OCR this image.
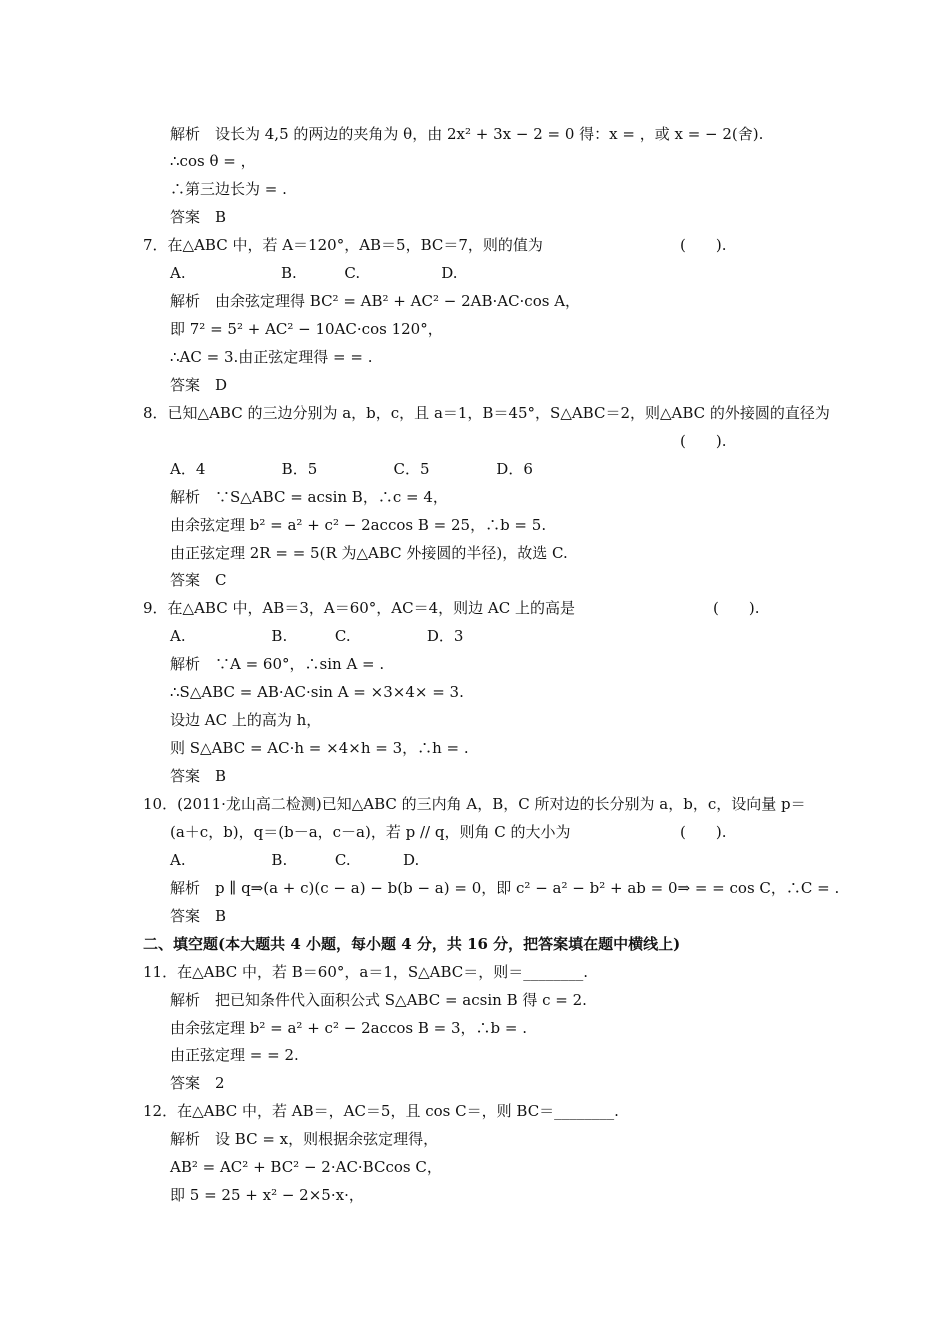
解析　设长为 4,5 的两边的夹角为 θ，由 2x² + 3x − 2 = 0 得：x = ，或 x = − 2(舍).
∴cos θ = ，
∴第三边长为 = .
答案　B
7．在△ABC 中，若 A＝120°，AB＝5，BC＝7，则的值为	(　　).
A.                    B.          C.                 D.
解析　由余弦定理得 BC² = AB² + AC² − 2AB·AC·cos A，
即 7² = 5² + AC² − 10AC·cos 120°，
∴AC = 3.由正弦定理得 = = .
答案　D
8．已知△ABC 的三边分别为 a，b，c，且 a＝1，B＝45°，S△ABC＝2，则△ABC 的外接圆的直径为
(　　).
A．4                B．5                C．5              D．6
解析　∵S△ABC = acsin B，∴c = 4，
由余弦定理 b² = a² + c² − 2accos B = 25，∴b = 5.
由正弦定理 2R = = 5(R 为△ABC 外接圆的半径)，故选 C.
答案　C
9．在△ABC 中，AB＝3，A＝60°，AC＝4，则边 AC 上的高是	(　　).
A.                  B.          C.                D．3
解析　∵A = 60°，∴sin A = .
∴S△ABC = AB·AC·sin A = ×3×4× = 3.
设边 AC 上的高为 h，
则 S△ABC = AC·h = ×4×h = 3，∴h = .
答案　B
10．(2011·龙山高二检测)已知△ABC 的三内角 A，B，C 所对边的长分别为 a，b，c，设向量 p＝
(a＋c，b)，q＝(b－a，c－a)，若 p // q，则角 C 的大小为	(　　).
A.                  B.          C.           D.
解析　p ∥ q⇒(a + c)(c − a) − b(b − a) = 0，即 c² − a² − b² + ab = 0⇒ = = cos C，∴C = .
答案　B
二、填空题(本大题共 4 小题，每小题 4 分，共 16 分，把答案填在题中横线上)
11．在△ABC 中，若 B＝60°，a＝1，S△ABC＝，则＝________.
解析　把已知条件代入面积公式 S△ABC = acsin B 得 c = 2.
由余弦定理 b² = a² + c² − 2accos B = 3，∴b = .
由正弦定理 = = 2.
答案　2
12．在△ABC 中，若 AB＝，AC＝5，且 cos C＝，则 BC＝________.
解析　设 BC = x，则根据余弦定理得，
AB² = AC² + BC² − 2·AC·BCcos C，
即 5 = 25 + x² − 2×5·x·，
